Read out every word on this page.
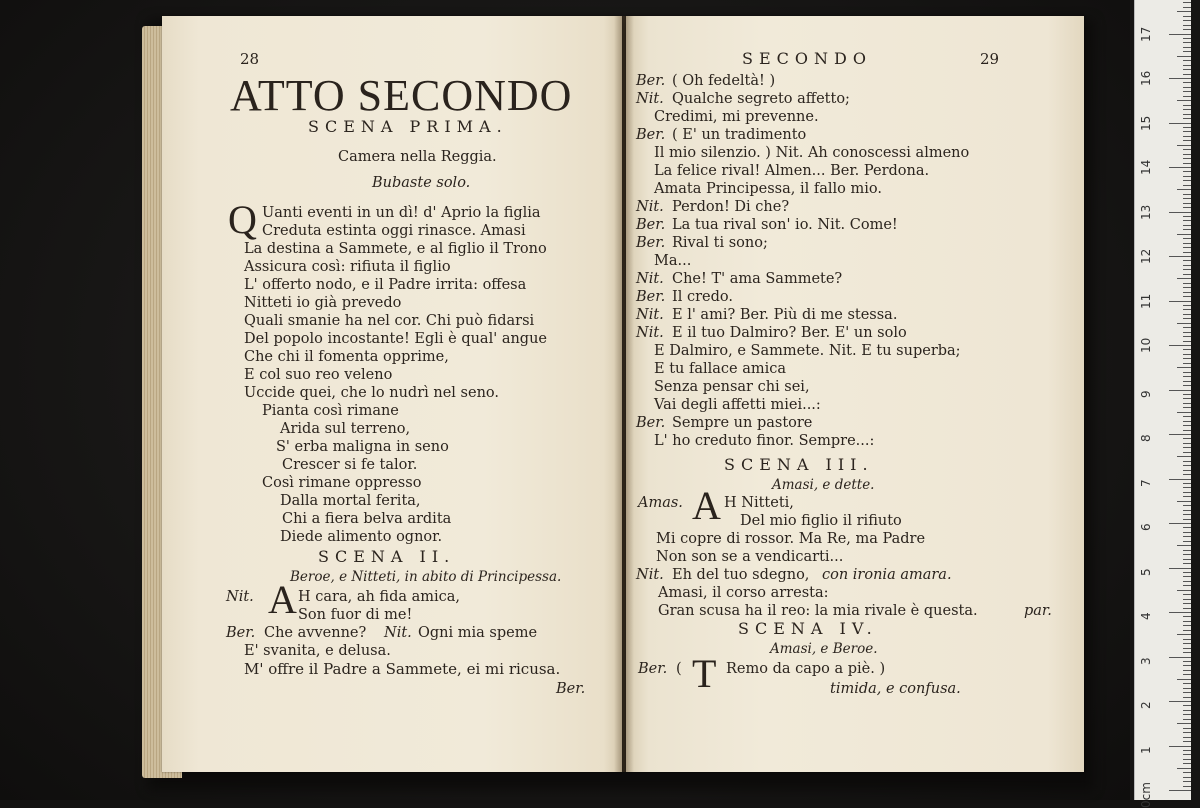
28
ATTO SECONDO
SCENA PRIMA.
Camera nella Reggia.
Bubaste solo.
Q Uanti eventi in un dì! d' Aprio la figlia
Creduta estinta oggi rinasce. Amasi
La destina a Sammete, e al figlio il Trono
Assicura così: rifiuta il figlio
L' offerto nodo, e il Padre irrita: offesa
Nitteti io già prevedo
Quali smanie ha nel cor. Chi può fidarsi
Del popolo incostante! Egli è qual' angue
Che chi il fomenta opprime,
E col suo reo veleno
Uccide quei, che lo nudrì nel seno.
Pianta così rimane
Arida sul terreno,
S' erba maligna in seno
Crescer si fe talor.
Così rimane oppresso
Dalla mortal ferita,
Chi a fiera belva ardita
Diede alimento ognor.
SCENA II.
Beroe, e Nitteti, in abito di Principessa.
Nit. A H cara, ah fida amica,
Son fuor di me!
Ber. Che avvenne? Nit. Ogni mia speme
E' svanita, e delusa.
M' offre il Padre a Sammete, ei mi ricusa.
Ber.
SECONDO	29
Ber. ( Oh fedeltà! )
Nit. Qualche segreto affetto;
Credimi, mi prevenne.
Ber. ( E' un tradimento
Il mio silenzio. ) Nit. Ah conoscessi almeno
La felice rival! Almen... Ber. Perdona.
Amata Principessa, il fallo mio.
Nit. Perdon! Di che?
Ber. La tua rival son' io. Nit. Come!
Ber. Rival ti sono;
Ma...
Nit. Che! T' ama Sammete?
Ber. Il credo.
Nit. E l' ami? Ber. Più di me stessa.
Nit. E il tuo Dalmiro? Ber. E' un solo
E Dalmiro, e Sammete. Nit. E tu superba;
E tu fallace amica
Senza pensar chi sei,
Vai degli affetti miei...:
Ber. Sempre un pastore
L' ho creduto finor. Sempre...:
SCENA III.
Amasi, e dette.
Amas. A H Nitteti,
Del mio figlio il rifiuto
Mi copre di rossor. Ma Re, ma Padre
Non son se a vendicarti...
Nit. Eh del tuo sdegno, con ironia amara.
Amasi, il corso arresta:
Gran scusa ha il reo: la mia rivale è questa.	par.
SCENA IV.
Amasi, e Beroe.
Ber. ( T Remo da capo a piè. )
timida, e confusa.
0cm
1
2
3
4
5
6
7
8
9
10
11
12
13
14
15
16
17
